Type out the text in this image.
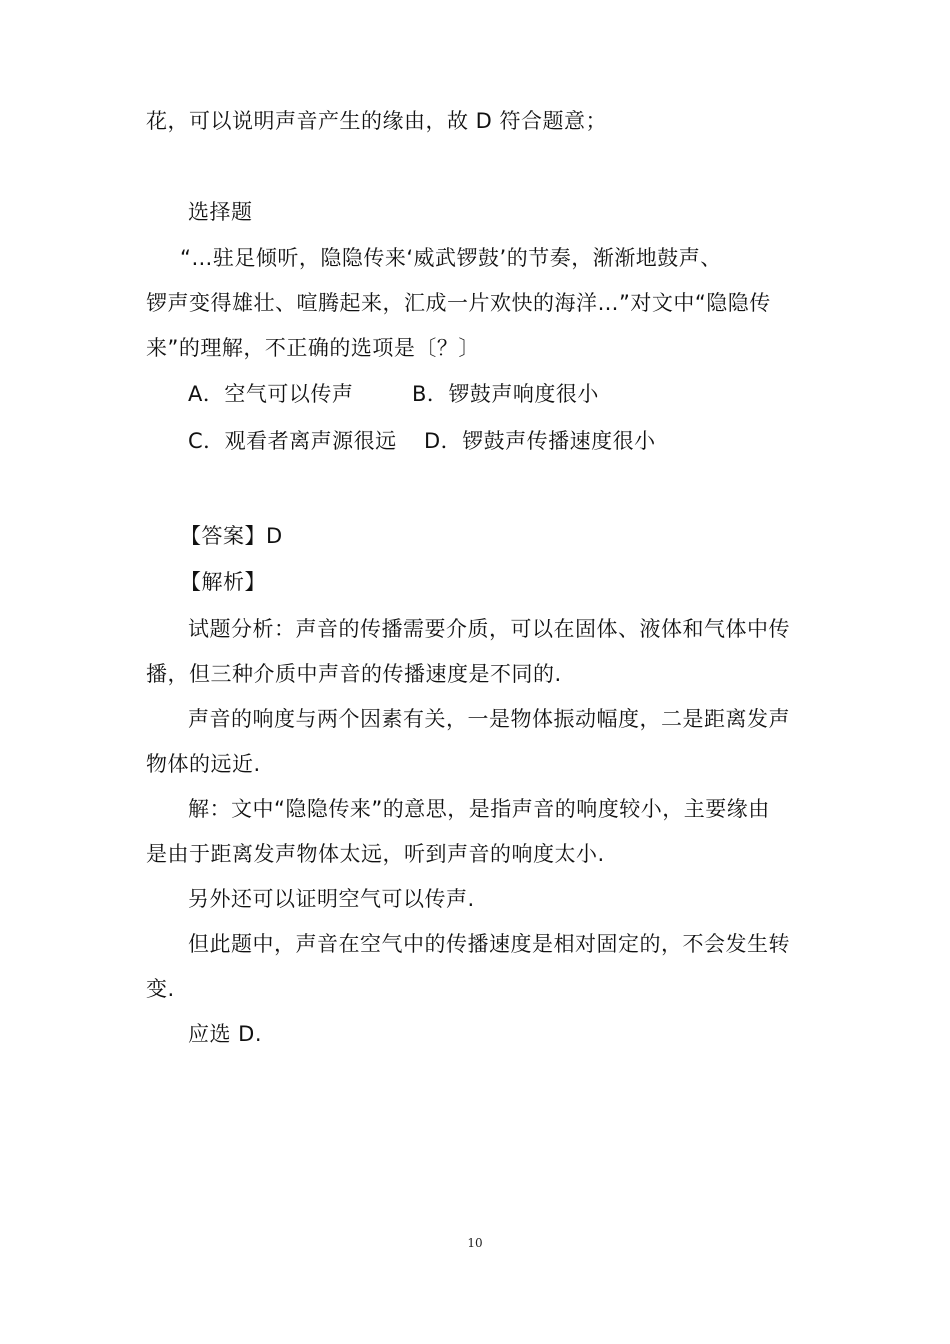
花，可以说明声音产生的缘由，故 D 符合题意；
选择题
“…驻足倾听，隐隐传来‘威武锣鼓’的节奏，渐渐地鼓声、
锣声变得雄壮、喧腾起来，汇成一片欢快的海洋…”对文中“隐隐传
来”的理解，不正确的选项是〔？〕
A．空气可以传声	B．锣鼓声响度很小
C．观看者离声源很远 D．锣鼓声传播速度很小
【答案】D
【解析】
试题分析：声音的传播需要介质，可以在固体、液体和气体中传
播，但三种介质中声音的传播速度是不同的.
声音的响度与两个因素有关，一是物体振动幅度，二是距离发声
物体的远近.
解：文中“隐隐传来”的意思，是指声音的响度较小，主要缘由
是由于距离发声物体太远，听到声音的响度太小.
另外还可以证明空气可以传声.
但此题中，声音在空气中的传播速度是相对固定的，不会发生转
变.
应选 D.
10
